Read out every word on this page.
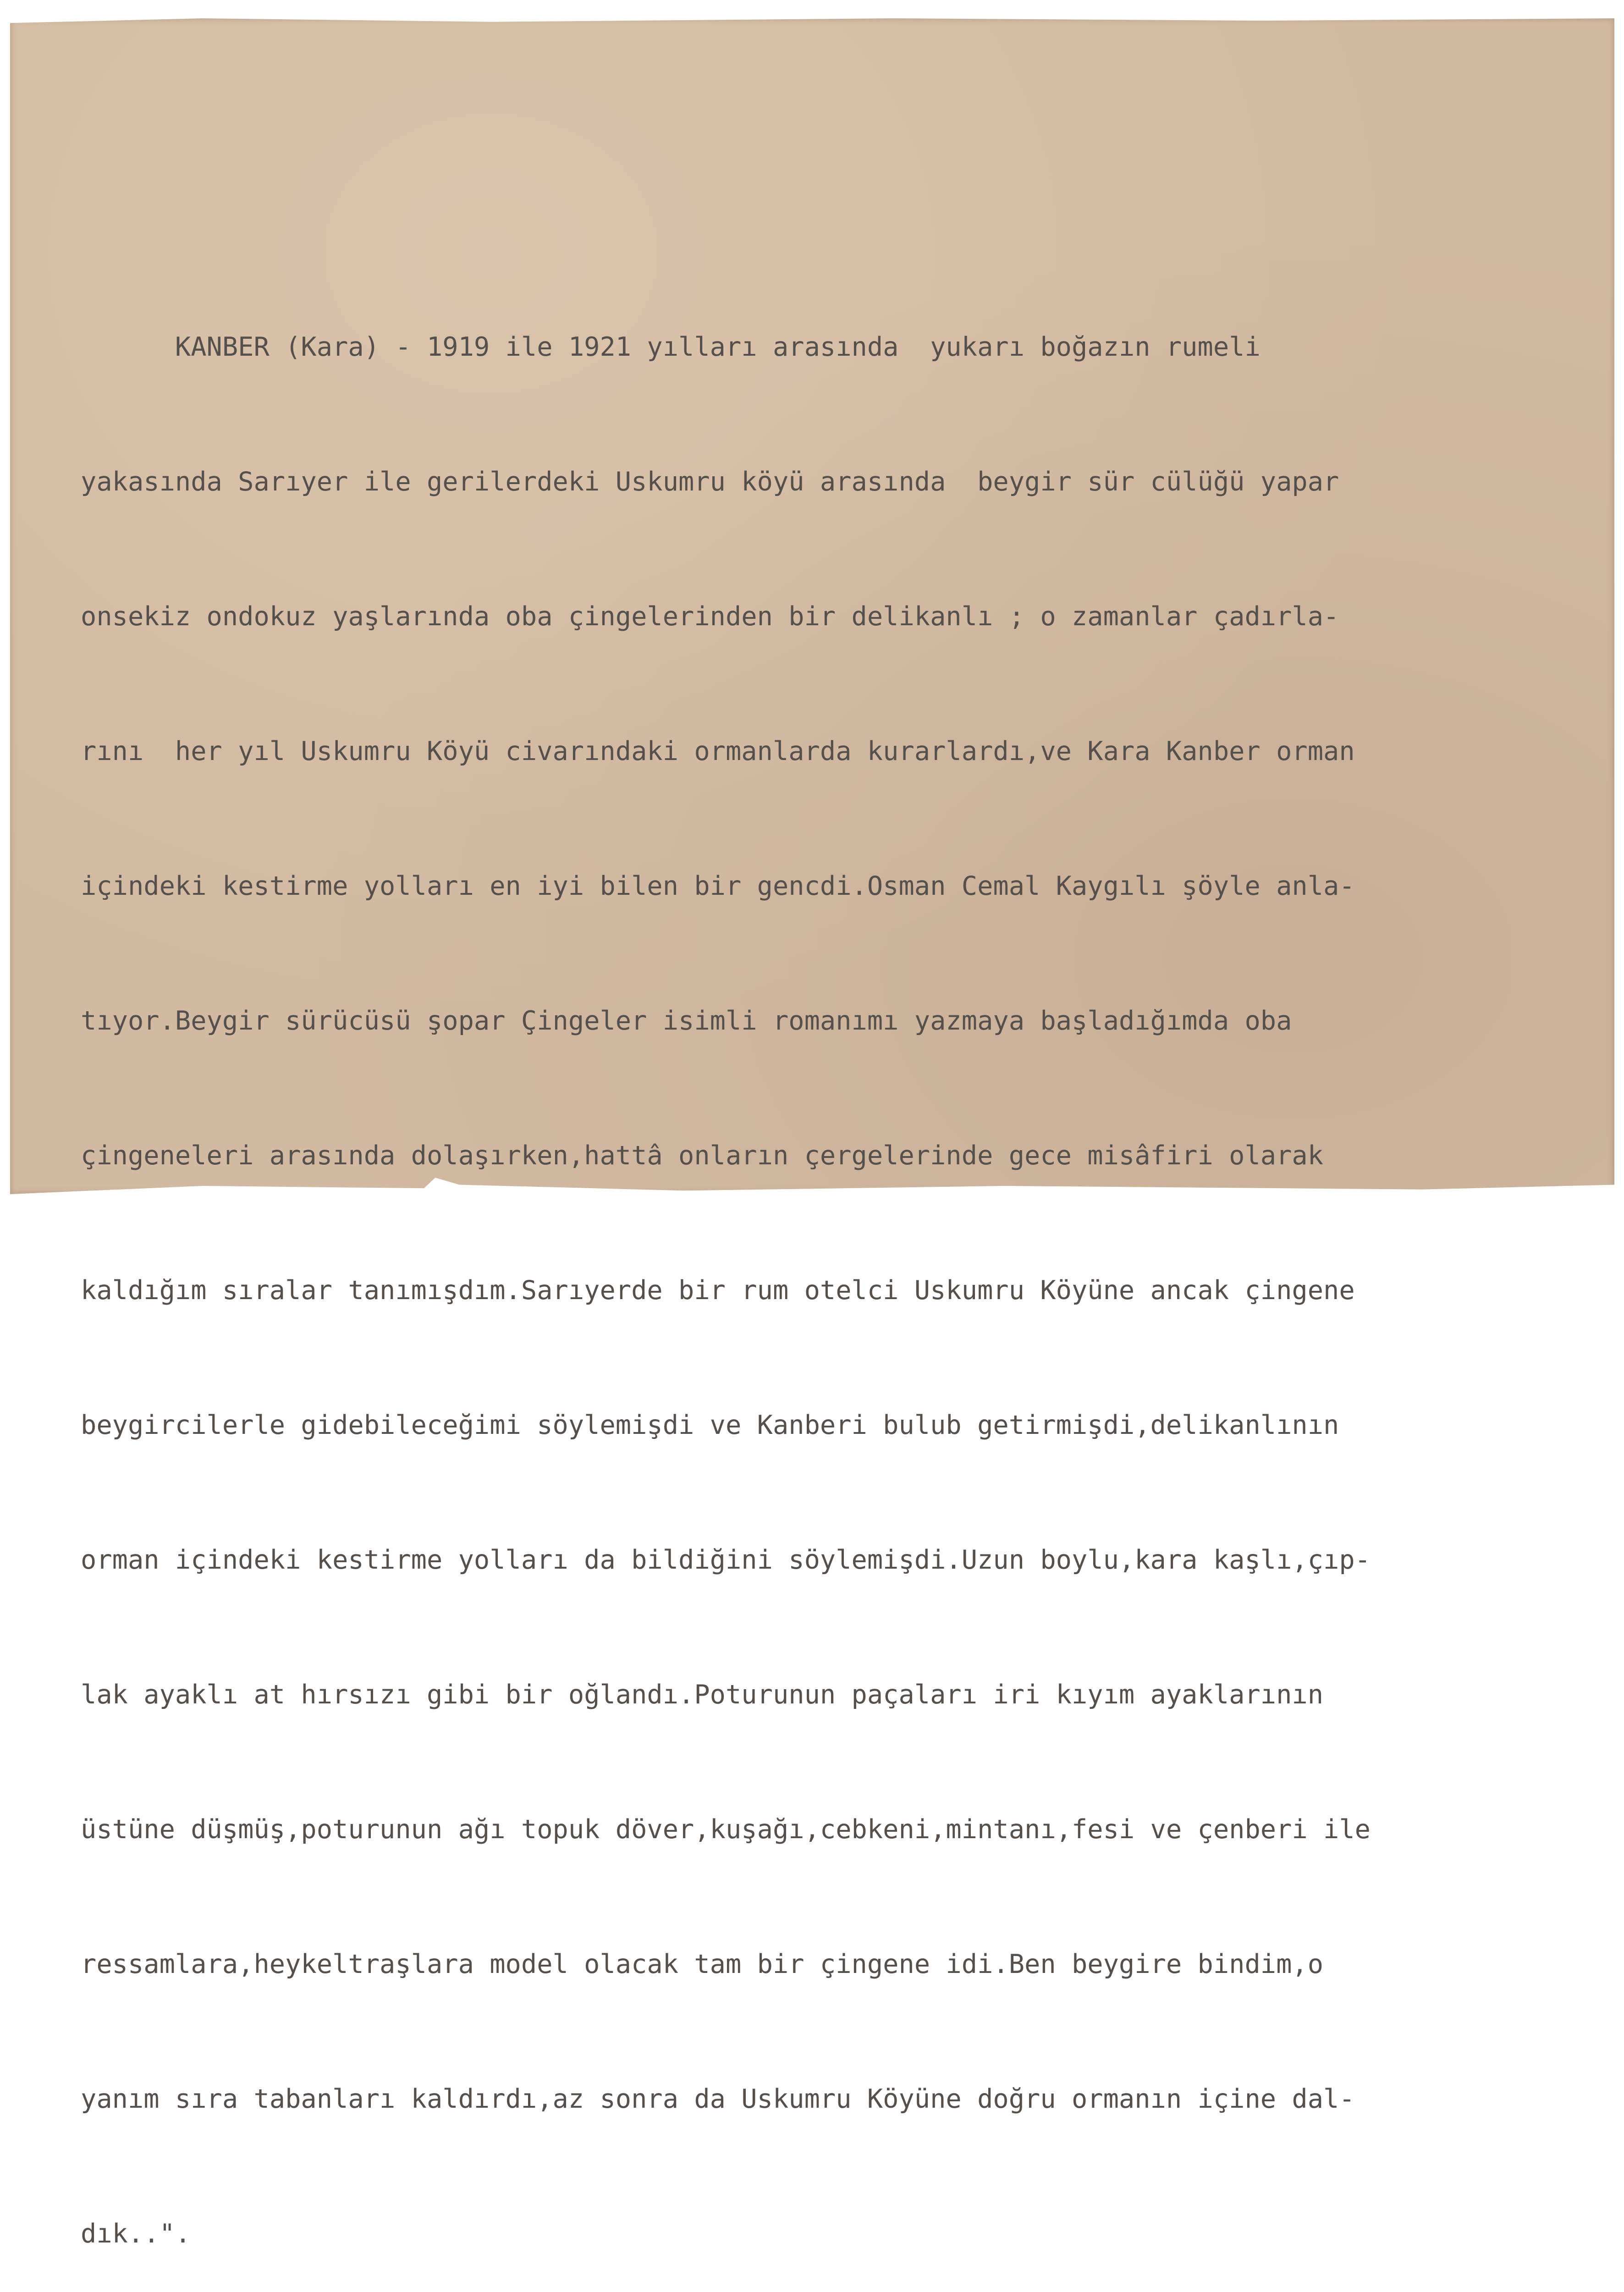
KANBER (Kara) - 1919 ile 1921 yılları arasında  yukarı boğazın rumeli

yakasında Sarıyer ile gerilerdeki Uskumru köyü arasında  beygir sür cülüğü yapar

onsekiz ondokuz yaşlarında oba çingelerinden bir delikanlı ; o zamanlar çadırla-

rını  her yıl Uskumru Köyü civarındaki ormanlarda kurarlardı,ve Kara Kanber orman

içindeki kestirme yolları en iyi bilen bir gencdi.Osman Cemal Kaygılı şöyle anla-

tıyor.Beygir sürücüsü şopar Çingeler isimli romanımı yazmaya başladığımda oba

çingeneleri arasında dolaşırken,hattâ onların çergelerinde gece misâfiri olarak

kaldığım sıralar tanımışdım.Sarıyerde bir rum otelci Uskumru Köyüne ancak çingene

beygircilerle gidebileceğimi söylemişdi ve Kanberi bulub getirmişdi,delikanlının

orman içindeki kestirme yolları da bildiğini söylemişdi.Uzun boylu,kara kaşlı,çıp-

lak ayaklı at hırsızı gibi bir oğlandı.Poturunun paçaları iri kıyım ayaklarının

üstüne düşmüş,poturunun ağı topuk döver,kuşağı,cebkeni,mintanı,fesi ve çenberi ile

ressamlara,heykeltraşlara model olacak tam bir çingene idi.Ben beygire bindim,o

yanım sıra tabanları kaldırdı,az sonra da Uskumru Köyüne doğru ormanın içine dal-

dık..".
